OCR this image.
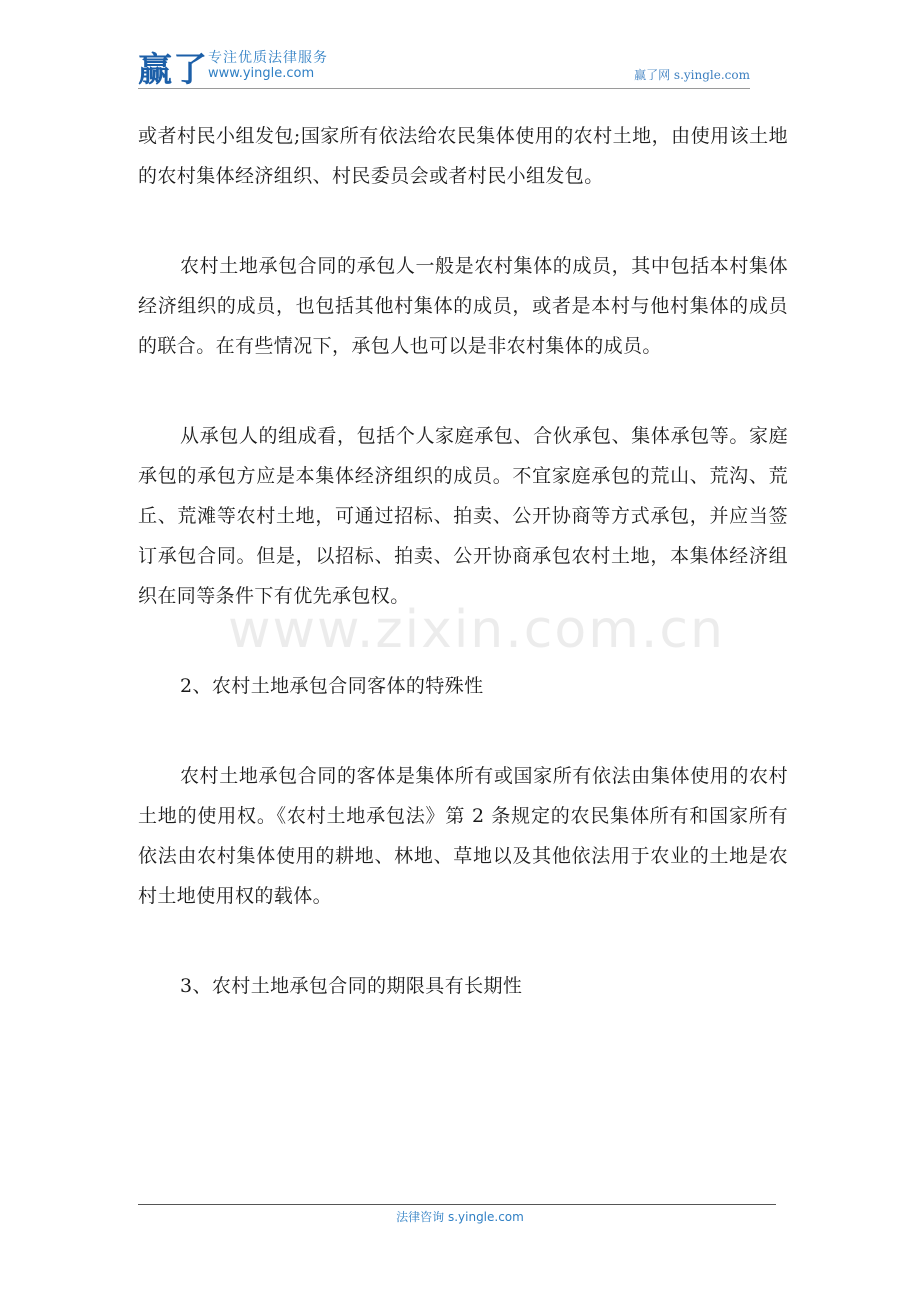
赢了 专注优质法律服务
www.yingle.com	赢了网 s.yingle.com
www.zixin.com.cn

或者村民小组发包;国家所有依法给农民集体使用的农村土地，由使用该土地的农村集体经济组织、村民委员会或者村民小组发包。

农村土地承包合同的承包人一般是农村集体的成员，其中包括本村集体经济组织的成员，也包括其他村集体的成员，或者是本村与他村集体的成员的联合。在有些情况下，承包人也可以是非农村集体的成员。

从承包人的组成看，包括个人家庭承包、合伙承包、集体承包等。家庭承包的承包方应是本集体经济组织的成员。不宜家庭承包的荒山、荒沟、荒丘、荒滩等农村土地，可通过招标、拍卖、公开协商等方式承包，并应当签订承包合同。但是，以招标、拍卖、公开协商承包农村土地，本集体经济组织在同等条件下有优先承包权。

2、农村土地承包合同客体的特殊性

农村土地承包合同的客体是集体所有或国家所有依法由集体使用的农村土地的使用权。《农村土地承包法》第 2 条规定的农民集体所有和国家所有依法由农村集体使用的耕地、林地、草地以及其他依法用于农业的土地是农村土地使用权的载体。

3、农村土地承包合同的期限具有长期性

法律咨询 s.yingle.com
